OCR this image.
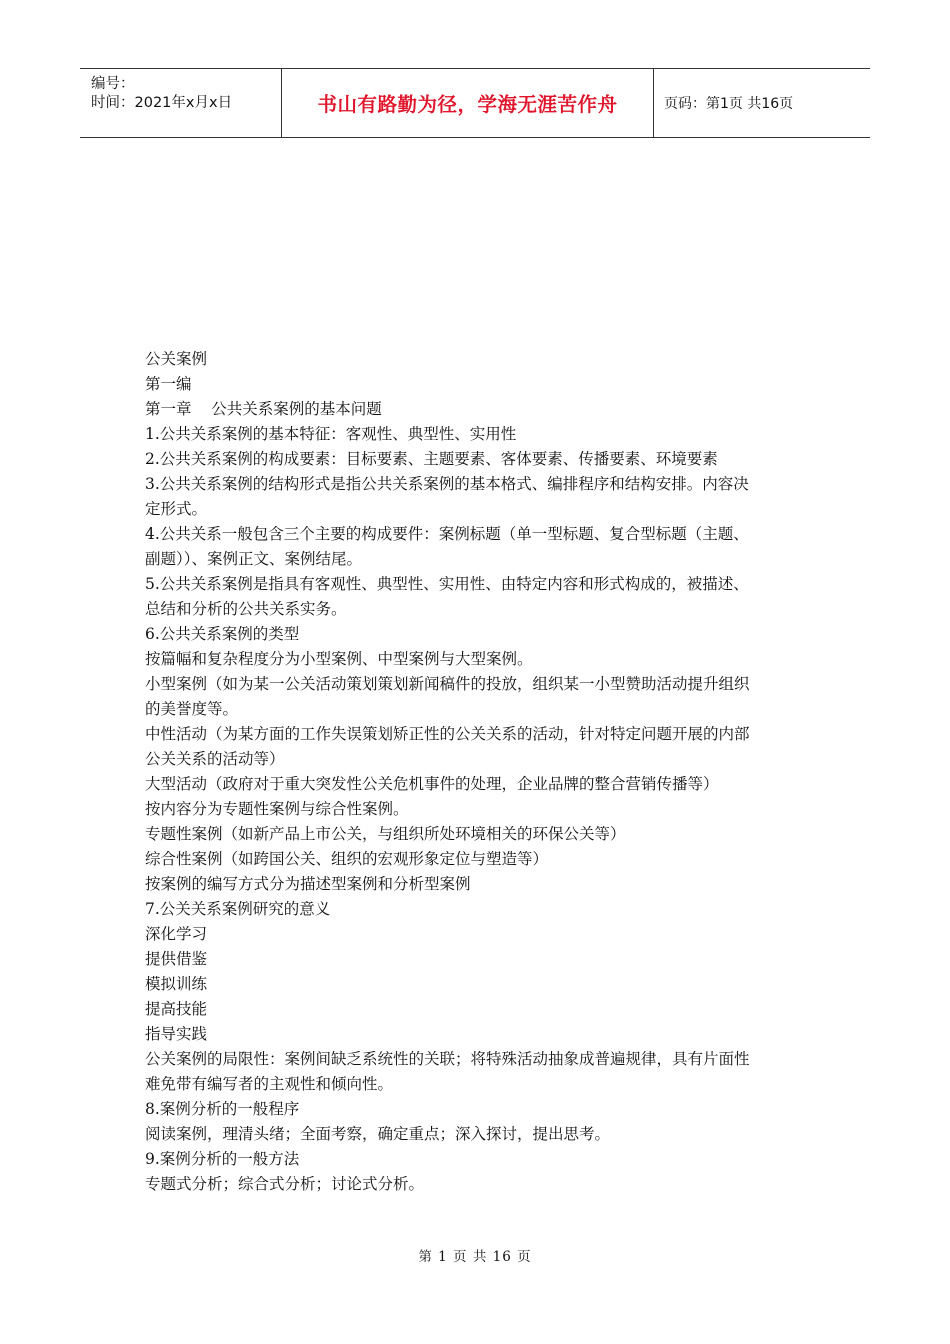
编号：
时间：2021年x月x日	书山有路勤为径，学海无涯苦作舟	页码：第1页 共16页

公关案例

第一编

第一章    公共关系案例的基本问题

1.公共关系案例的基本特征：客观性、典型性、实用性

2.公共关系案例的构成要素：目标要素、主题要素、客体要素、传播要素、环境要素

3.公共关系案例的结构形式是指公共关系案例的基本格式、编排程序和结构安排。内容决

定形式。

4.公共关系一般包含三个主要的构成要件：案例标题（单一型标题、复合型标题（主题、

副题））、案例正文、案例结尾。

5.公共关系案例是指具有客观性、典型性、实用性、由特定内容和形式构成的，被描述、

总结和分析的公共关系实务。

6.公共关系案例的类型

按篇幅和复杂程度分为小型案例、中型案例与大型案例。

小型案例（如为某一公关活动策划策划新闻稿件的投放，组织某一小型赞助活动提升组织

的美誉度等。

中性活动（为某方面的工作失误策划矫正性的公关关系的活动，针对特定问题开展的内部

公关关系的活动等）

大型活动（政府对于重大突发性公关危机事件的处理，企业品牌的整合营销传播等）

按内容分为专题性案例与综合性案例。

专题性案例（如新产品上市公关，与组织所处环境相关的环保公关等）

综合性案例（如跨国公关、组织的宏观形象定位与塑造等）

按案例的编写方式分为描述型案例和分析型案例

7.公关关系案例研究的意义

深化学习

提供借鉴

模拟训练

提高技能

指导实践

公关案例的局限性：案例间缺乏系统性的关联；将特殊活动抽象成普遍规律，具有片面性

难免带有编写者的主观性和倾向性。

8.案例分析的一般程序

阅读案例，理清头绪；全面考察，确定重点；深入探讨，提出思考。

9.案例分析的一般方法

专题式分析；综合式分析；讨论式分析。

第 1 页 共 16 页
